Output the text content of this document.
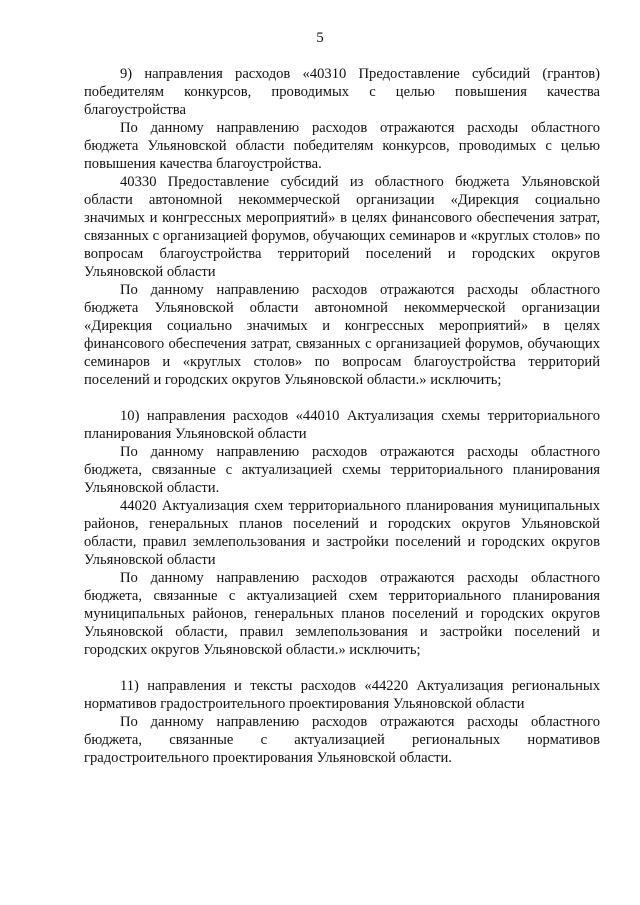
5

9) направления расходов «40310 Предоставление субсидий (грантов) победителям конкурсов, проводимых с целью повышения качества благоустройства

По данному направлению расходов отражаются расходы областного бюджета Ульяновской области победителям конкурсов, проводимых с целью повышения качества благоустройства.

40330 Предоставление субсидий из областного бюджета Ульяновской области автономной некоммерческой организации «Дирекция социально значимых и конгрессных мероприятий» в целях финансового обеспечения затрат, связанных с организацией форумов, обучающих семинаров и «круглых столов» по вопросам благоустройства территорий поселений и городских округов Ульяновской области

По данному направлению расходов отражаются расходы областного бюджета Ульяновской области автономной некоммерческой организации «Дирекция социально значимых и конгрессных мероприятий» в целях финансового обеспечения затрат, связанных с организацией форумов, обучающих семинаров и «круглых столов» по вопросам благоустройства территорий поселений и городских округов Ульяновской области.» исключить;

10) направления расходов «44010 Актуализация схемы территориального планирования Ульяновской области

По данному направлению расходов отражаются расходы областного бюджета, связанные с актуализацией схемы территориального планирования Ульяновской области.

44020 Актуализация схем территориального планирования муниципальных районов, генеральных планов поселений и городских округов Ульяновской области, правил землепользования и застройки поселений и городских округов Ульяновской области

По данному направлению расходов отражаются расходы областного бюджета, связанные с актуализацией схем территориального планирования муниципальных районов, генеральных планов поселений и городских округов Ульяновской области, правил землепользования и застройки поселений и городских округов Ульяновской области.» исключить;

11) направления и тексты расходов «44220 Актуализация региональных нормативов градостроительного проектирования Ульяновской области

По данному направлению расходов отражаются расходы областного бюджета, связанные с актуализацией региональных нормативов градостроительного проектирования Ульяновской области.
